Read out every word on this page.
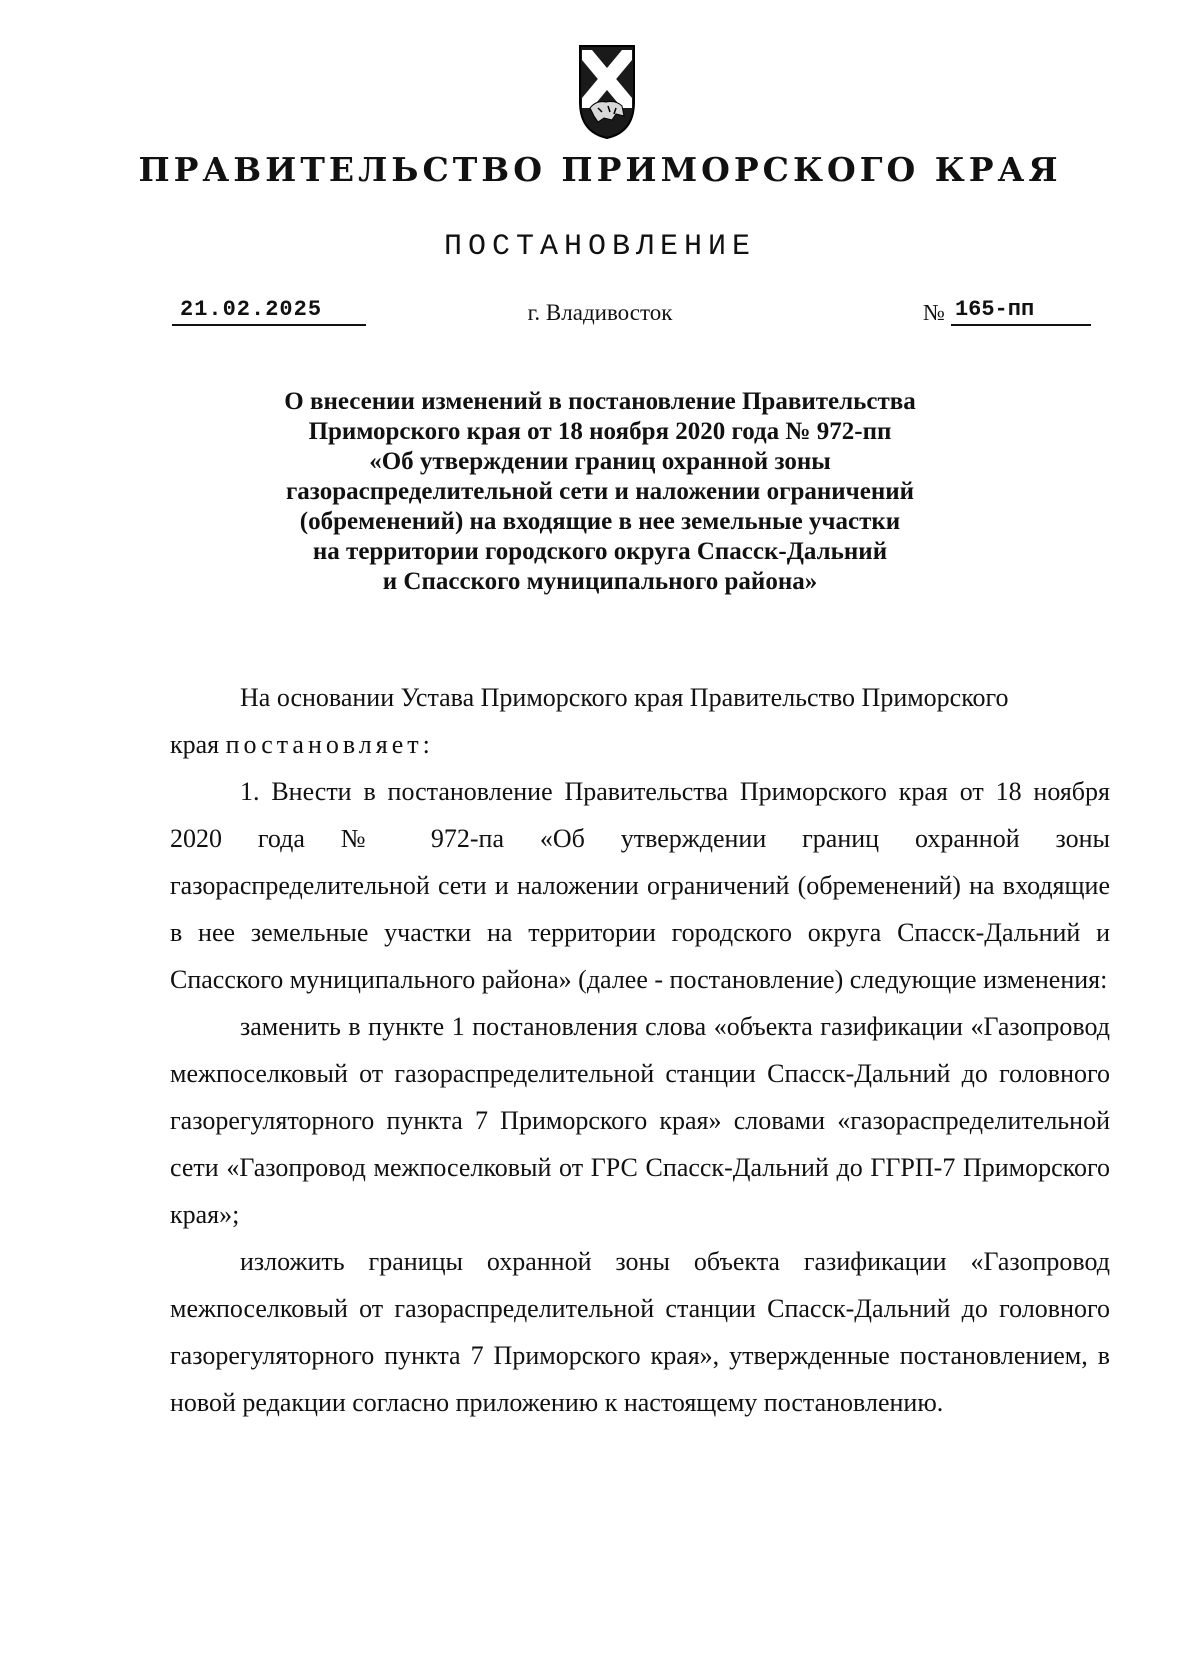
ПРАВИТЕЛЬСТВО ПРИМОРСКОГО КРАЯ
ПОСТАНОВЛЕНИЕ
21.02.2025	г. Владивосток	№ 165-пп
О внесении изменений в постановление Правительства
Приморского края от 18 ноября 2020 года № 972-пп
«Об утверждении границ охранной зоны
газораспределительной сети и наложении ограничений
(обременений) на входящие в нее земельные участки
на территории городского округа Спасск-Дальний
и Спасского муниципального района»

На основании Устава Приморского края Правительство Приморского

края постановляет:

1. Внести в постановление Правительства Приморского края от 18 ноября 2020 года № 972-па «Об утверждении границ охранной зоны газораспределительной сети и наложении ограничений (обременений) на входящие в нее земельные участки на территории городского округа Спасск-Дальний и Спасского муниципального района» (далее - постановление) следующие изменения:

заменить в пункте 1 постановления слова «объекта газификации «Газопровод межпоселковый от газораспределительной станции Спасск-Дальний до головного газорегуляторного пункта 7 Приморского края» словами «газораспределительной сети «Газопровод межпоселковый от ГРС Спасск-Дальний до ГГРП-7 Приморского края»;

изложить границы охранной зоны объекта газификации «Газопровод межпоселковый от газораспределительной станции Спасск-Дальний до головного газорегуляторного пункта 7 Приморского края», утвержденные постановлением, в новой редакции согласно приложению к настоящему постановлению.
